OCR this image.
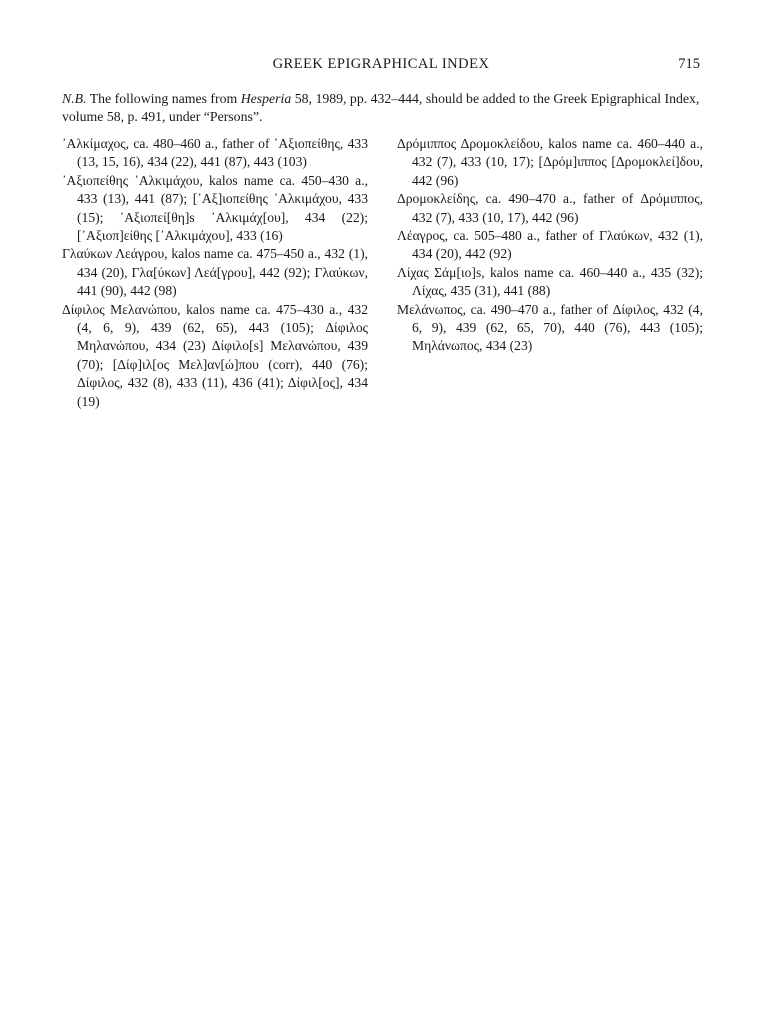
GREEK EPIGRAPHICAL INDEX	715
N.B. The following names from Hesperia 58, 1989, pp. 432–444, should be added to the Greek Epigraphical Index, volume 58, p. 491, under “Persons”.

᾿Αλκίμαχος, ca. 480–460 a., father of ᾿Αξιοπείθης, 433 (13, 15, 16), 434 (22), 441 (87), 443 (103)

᾿Αξιοπείθης ᾿Αλκιμάχου, kalos name ca. 450–430 a., 433 (13), 441 (87); [᾿Αξ]ιοπείθης ᾿Αλκιμάχου, 433 (15); ᾿Αξιοπεί[θη]s ᾿Αλκιμάχ[ου], 434 (22); [᾿Αξιοπ]είθης [᾿Αλκιμάχου], 433 (16)

Γλαύκων Λεάγρου, kalos name ca. 475–450 a., 432 (1), 434 (20), Γλα[ύκων] Λεά[γρου], 442 (92); Γλαύκων, 441 (90), 442 (98)

Δίφιλος Μελανώπου, kalos name ca. 475–430 a., 432 (4, 6, 9), 439 (62, 65), 443 (105); Δίφιλος Μηλανώπου, 434 (23) Δίφιλο[s] Μελανώπου, 439 (70); [Δίφ]ιλ[ος Μελ]αν[ώ]που (corr), 440 (76); Δίφιλος, 432 (8), 433 (11), 436 (41); Δίφιλ[ος], 434 (19)

Δρόμιππος Δρομοκλείδου, kalos name ca. 460–440 a., 432 (7), 433 (10, 17); [Δρόμ]ιππος [Δρομοκλεί]δου, 442 (96)

Δρομοκλείδης, ca. 490–470 a., father of Δρόμιππος, 432 (7), 433 (10, 17), 442 (96)

Λέαγρος, ca. 505–480 a., father of Γλαύκων, 432 (1), 434 (20), 442 (92)

Λίχας Σάμ[ιο]s, kalos name ca. 460–440 a., 435 (32); Λίχας, 435 (31), 441 (88)

Μελάνωπος, ca. 490–470 a., father of Δίφιλος, 432 (4, 6, 9), 439 (62, 65, 70), 440 (76), 443 (105); Μηλάνωπος, 434 (23)
